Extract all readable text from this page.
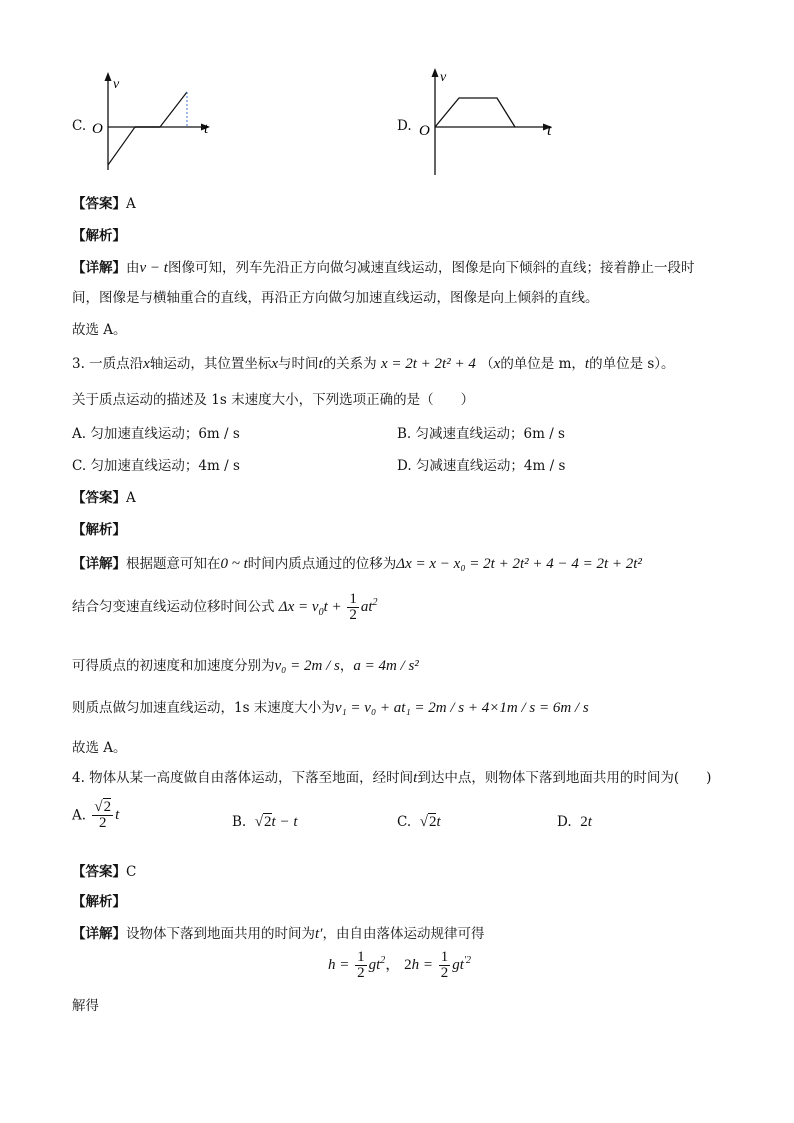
C.
v
t
O	D.
v
t
O
【答案】A
【解析】
【详解】由v − t图像可知，列车先沿正方向做匀减速直线运动，图像是向下倾斜的直线；接着静止一段时
间，图像是与横轴重合的直线，再沿正方向做匀加速直线运动，图像是向上倾斜的直线。
故选 A。
3. 一质点沿x轴运动，其位置坐标x与时间t的关系为 x = 2t + 2t² + 4 （x的单位是 m，t的单位是 s）。
关于质点运动的描述及 1s 末速度大小，下列选项正确的是（　　）
A. 匀加速直线运动；6m / s	B. 匀减速直线运动；6m / s
C. 匀加速直线运动；4m / s	D. 匀减速直线运动；4m / s
【答案】A
【解析】
【详解】根据题意可知在0 ~ t时间内质点通过的位移为Δx = x − x₀ = 2t + 2t² + 4 − 4 = 2t + 2t²
结合匀变速直线运动位移时间公式 $\Delta x = v_0t + \frac{1}{2} at^2$
可得质点的初速度和加速度分别为v₀ = 2m / s，a = 4m / s²
则质点做匀加速直线运动，1s 末速度大小为v₁ = v₀ + at₁ = 2m / s + 4×1m / s = 6m / s
故选 A。
4. 物体从某一高度做自由落体运动，下落至地面，经时间t到达中点，则物体下落到地面共用的时间为(　　)
A. $\frac{√2}{2}$ t	B. √2t − t	C. √2t	D. 2t
【答案】C
【解析】
【详解】设物体下落到地面共用的时间为t′，由自由落体运动规律可得
$h = \frac{1}{2} gt^2$， $2h = \frac{1}{2} gt^{'2}$
解得
